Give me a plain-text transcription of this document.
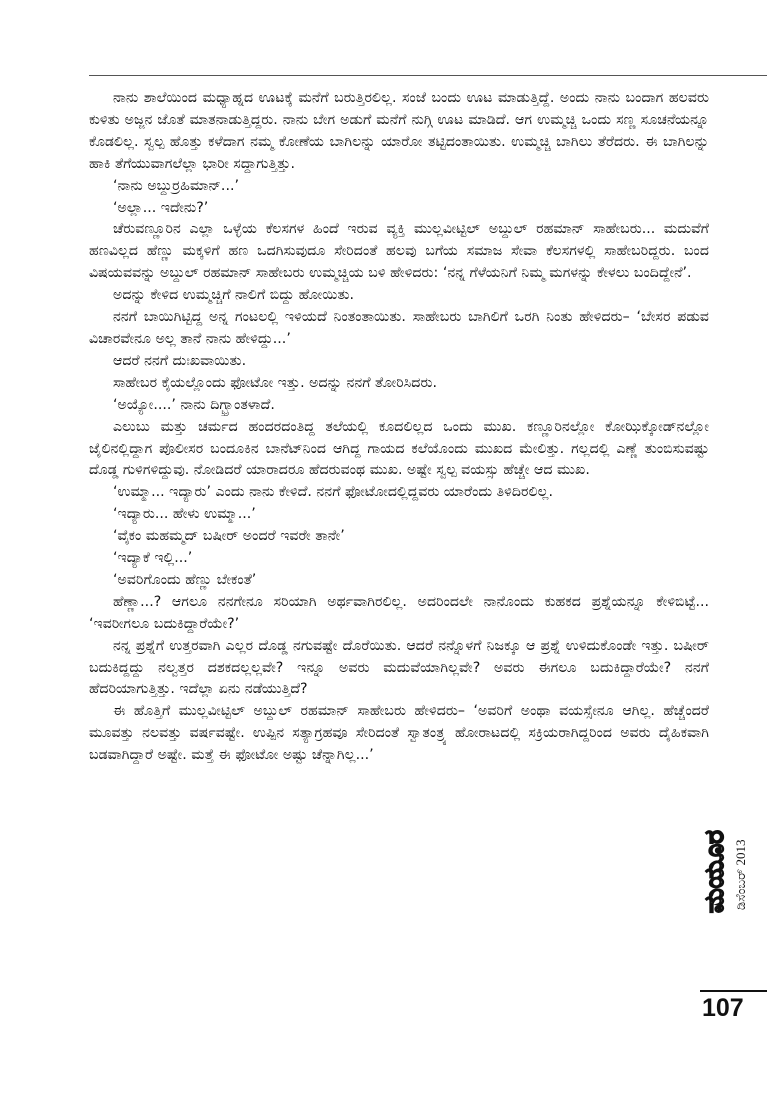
ನಾನು ಶಾಲೆಯಿಂದ ಮಧ್ಯಾಹ್ನದ ಊಟಕ್ಕೆ ಮನೆಗೆ ಬರುತ್ತಿರಲಿಲ್ಲ. ಸಂಜೆ ಬಂದು ಊಟ ಮಾಡುತ್ತಿದ್ದೆ. ಅಂದು ನಾನು ಬಂದಾಗ ಹಲವರು ಕುಳಿತು ಅಜ್ಜನ ಜೊತೆ ಮಾತನಾಡುತ್ತಿದ್ದರು. ನಾನು ಬೇಗ ಅಡುಗೆ ಮನೆಗೆ ನುಗ್ಗಿ ಊಟ ಮಾಡಿದೆ. ಆಗ ಉಮ್ಮಚ್ಚಿ ಒಂದು ಸಣ್ಣ ಸೂಚನೆಯನ್ನೂ ಕೊಡಲಿಲ್ಲ. ಸ್ವಲ್ಪ ಹೊತ್ತು ಕಳೆದಾಗ ನಮ್ಮ ಕೋಣೆಯ ಬಾಗಿಲನ್ನು ಯಾರೋ ತಟ್ಟಿದಂತಾಯಿತು. ಉಮ್ಮಚ್ಚಿ ಬಾಗಿಲು ತೆರೆದರು. ಈ ಬಾಗಿಲನ್ನು ಹಾಕಿ ತೆಗೆಯುವಾಗಲೆಲ್ಲಾ ಭಾರೀ ಸದ್ದಾಗುತ್ತಿತ್ತು.

‘ನಾನು ಅಬ್ದುರ‍್ರಹಿಮಾನ್...’

‘ಅಲ್ಲಾ... ಇದೇನು?’

ಚೆರುವಣ್ಣೂರಿನ ಎಲ್ಲಾ ಒಳ್ಳೆಯ ಕೆಲಸಗಳ ಹಿಂದೆ ಇರುವ ವ್ಯಕ್ತಿ ಮುಲ್ಲವೀಟ್ಟಿಲ್ ಅಬ್ದುಲ್ ರಹಮಾನ್ ಸಾಹೇಬರು... ಮದುವೆಗೆ ಹಣವಿಲ್ಲದ ಹೆಣ್ಣು ಮಕ್ಕಳಿಗೆ ಹಣ ಒದಗಿಸುವುದೂ ಸೇರಿದಂತೆ ಹಲವು ಬಗೆಯ ಸಮಾಜ ಸೇವಾ ಕೆಲಸಗಳಲ್ಲಿ ಸಾಹೇಬರಿದ್ದರು. ಬಂದ ವಿಷಯವವನ್ನು ಅಬ್ದುಲ್ ರಹಮಾನ್ ಸಾಹೇಬರು ಉಮ್ಮಚ್ಚಿಯ ಬಳಿ ಹೇಳಿದರು: ‘ನನ್ನ ಗೆಳೆಯನಿಗೆ ನಿಮ್ಮ ಮಗಳನ್ನು ಕೇಳಲು ಬಂದಿದ್ದೇನೆ’.

ಅದನ್ನು ಕೇಳಿದ ಉಮ್ಮಚ್ಚಿಗೆ ನಾಲಿಗೆ ಬಿದ್ದು ಹೋಯಿತು.

ನನಗೆ ಬಾಯಿಗಿಟ್ಟಿದ್ದ ಅನ್ನ ಗಂಟಲಲ್ಲಿ ಇಳಿಯದೆ ನಿಂತಂತಾಯಿತು. ಸಾಹೇಬರು ಬಾಗಿಲಿಗೆ ಒರಗಿ ನಿಂತು ಹೇಳಿದರು– ‘ಬೇಸರ ಪಡುವ ವಿಚಾರವೇನೂ ಅಲ್ಲ ತಾನೆ ನಾನು ಹೇಳಿದ್ದು...’

ಆದರೆ ನನಗೆ ದುಃಖವಾಯಿತು.

ಸಾಹೇಬರ ಕೈಯಲ್ಲೊಂದು ಫೋಟೋ ಇತ್ತು. ಅದನ್ನು ನನಗೆ ತೋರಿಸಿದರು.

‘ಅಯ್ಯೋ....’ ನಾನು ದಿಗ್ಭ್ರಾಂತಳಾದೆ.

ಎಲುಬು ಮತ್ತು ಚರ್ಮದ ಹಂದರದಂತಿದ್ದ ತಲೆಯಲ್ಲಿ ಕೂದಲಿಲ್ಲದ ಒಂದು ಮುಖ. ಕಣ್ಣೂರಿನಲ್ಲೋ ಕೋಝಿಕ್ಕೋಡ್‌ನಲ್ಲೋ ಜೈಲಿನಲ್ಲಿದ್ದಾಗ ಪೊಲೀಸರ ಬಂದೂಕಿನ ಬಾನೆಟ್‌ನಿಂದ ಆಗಿದ್ದ ಗಾಯದ ಕಲೆಯೊಂದು ಮುಖದ ಮೇಲಿತ್ತು. ಗಲ್ಲದಲ್ಲಿ ಎಣ್ಣೆ ತುಂಬಿಸುವಷ್ಟು ದೊಡ್ಡ ಗುಳಿಗಳಿದ್ದುವು. ನೋಡಿದರೆ ಯಾರಾದರೂ ಹೆದರುವಂಥ ಮುಖ. ಅಷ್ಟೇ ಸ್ವಲ್ಪ ವಯಸ್ಸು ಹೆಚ್ಚೇ ಆದ ಮುಖ.

‘ಉಮ್ಮಾ... ಇದ್ಯಾರು’ ಎಂದು ನಾನು ಕೇಳಿದೆ. ನನಗೆ ಫೋಟೋದಲ್ಲಿದ್ದವರು ಯಾರೆಂದು ತಿಳಿದಿರಲಿಲ್ಲ.

‘ಇದ್ಯಾರು... ಹೇಳು ಉಮ್ಮಾ...’

‘ವೈಕಂ ಮಹಮ್ಮದ್ ಬಷೀರ್ ಅಂದರೆ ಇವರೇ ತಾನೇ’

‘ಇದ್ಯಾಕೆ ಇಲ್ಲಿ...’

‘ಅವರಿಗೊಂದು ಹೆಣ್ಣು ಬೇಕಂತೆ’

ಹೆಣ್ಣಾ...? ಆಗಲೂ ನನಗೇನೂ ಸರಿಯಾಗಿ ಅರ್ಥವಾಗಿರಲಿಲ್ಲ. ಅದರಿಂದಲೇ ನಾನೊಂದು ಕುಹಕದ ಪ್ರಶ್ನೆಯನ್ನೂ ಕೇಳಿಬಿಟ್ಟೆ... ‘ಇವರೀಗಲೂ ಬದುಕಿದ್ದಾರೆಯೇ?’

ನನ್ನ ಪ್ರಶ್ನೆಗೆ ಉತ್ತರವಾಗಿ ಎಲ್ಲರ ದೊಡ್ಡ ನಗುವಷ್ಟೇ ದೊರೆಯಿತು. ಆದರೆ ನನ್ನೊಳಗೆ ನಿಜಕ್ಕೂ ಆ ಪ್ರಶ್ನೆ ಉಳಿದುಕೊಂಡೇ ಇತ್ತು. ಬಷೀರ್ ಬದುಕಿದ್ದದ್ದು ನಲ್ವತ್ತರ ದಶಕದಲ್ಲಲ್ಲವೇ? ಇನ್ನೂ ಅವರು ಮದುವೆಯಾಗಿಲ್ಲವೇ? ಅವರು ಈಗಲೂ ಬದುಕಿದ್ದಾರೆಯೇ? ನನಗೆ ಹೆದರಿಯಾಗುತ್ತಿತ್ತು. ಇದೆಲ್ಲಾ ಏನು ನಡೆಯುತ್ತಿದೆ?

ಈ ಹೊತ್ತಿಗೆ ಮುಲ್ಲವೀಟ್ಟಿಲ್ ಅಬ್ದುಲ್ ರಹಮಾನ್ ಸಾಹೇಬರು ಹೇಳಿದರು– ‘ಅವರಿಗೆ ಅಂಥಾ ವಯಸ್ಸೇನೂ ಆಗಿಲ್ಲ. ಹೆಚ್ಚೆಂದರೆ ಮೂವತ್ತು ನಲವತ್ತು ವರ್ಷವಷ್ಟೇ. ಉಪ್ಪಿನ ಸತ್ಯಾಗ್ರಹವೂ ಸೇರಿದಂತೆ ಸ್ವಾತಂತ್ರ್ಯ ಹೋರಾಟದಲ್ಲಿ ಸಕ್ರಿಯರಾಗಿದ್ದರಿಂದ ಅವರು ದೈಹಿಕವಾಗಿ ಬಡವಾಗಿದ್ದಾರೆ ಅಷ್ಟೇ. ಮತ್ತೆ ಈ ಫೋಟೋ ಅಷ್ಟು ಚೆನ್ನಾಗಿಲ್ಲ...’

ಮಯೂರ ಡಿಸೆಂಬರ್ 2013
107
